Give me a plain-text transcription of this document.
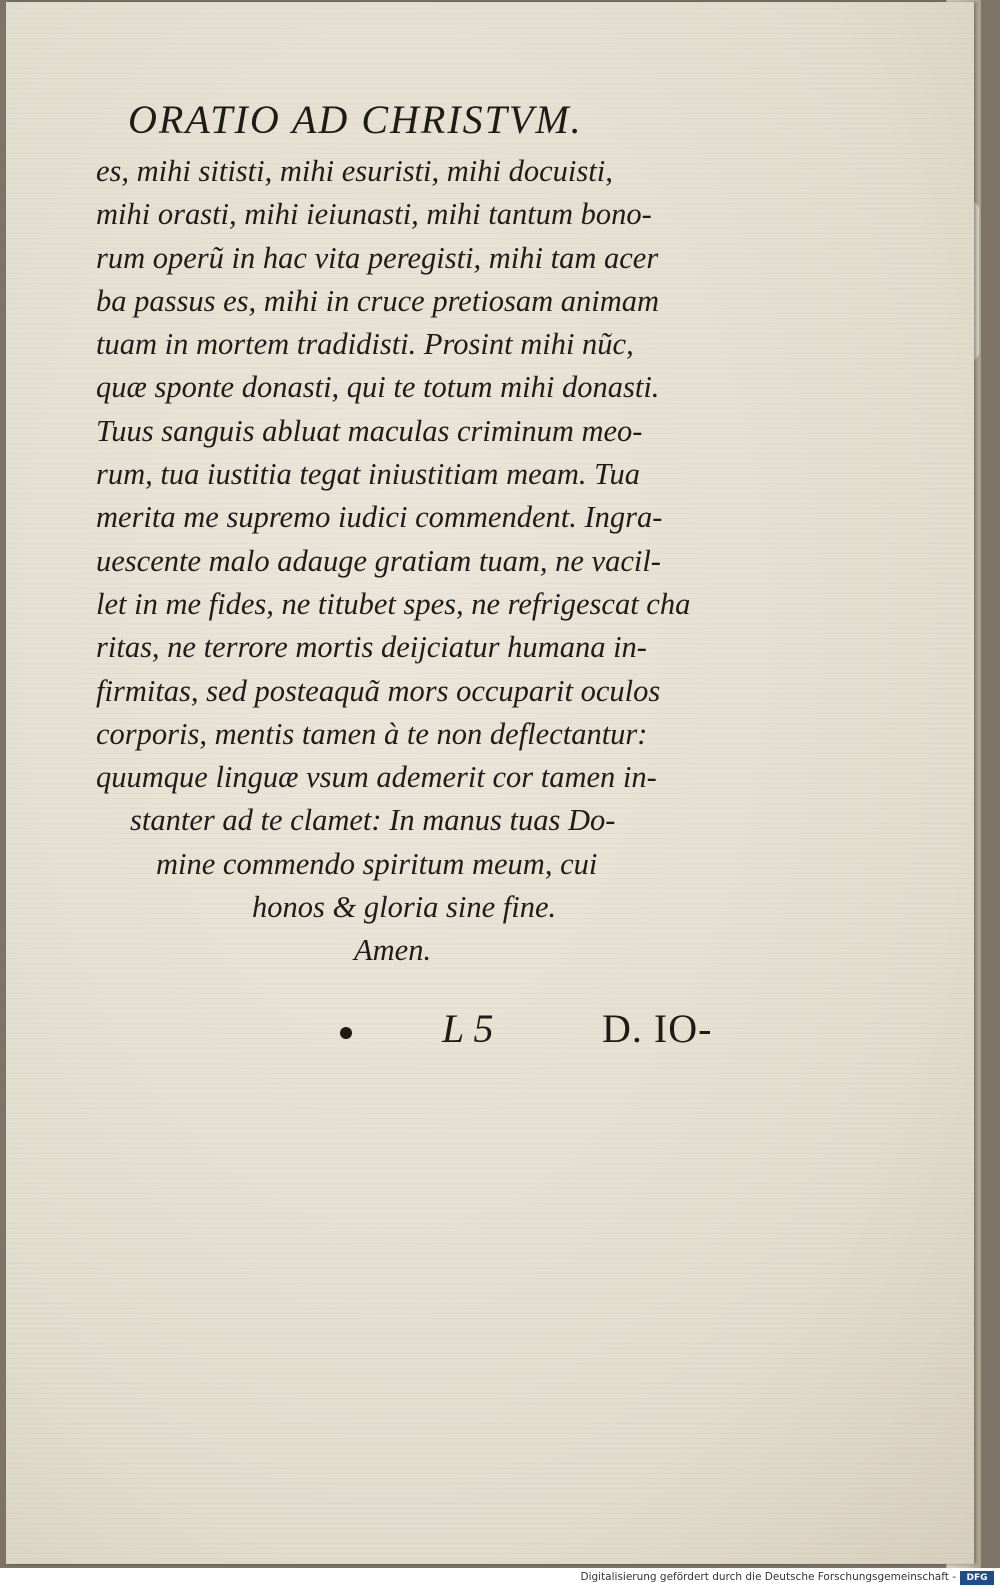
ORATIO AD CHRISTVM.
es, mihi sitisti, mihi esuristi, mihi docuisti,
mihi orasti, mihi ieiunasti, mihi tantum bono-
rum operũ in hac vita peregisti, mihi tam acer
ba passus es, mihi in cruce pretiosam animam
tuam in mortem tradidisti. Prosint mihi nũc,
quæ sponte donasti, qui te totum mihi donasti.
Tuus sanguis abluat maculas criminum meo-
rum, tua iustitia tegat iniustitiam meam. Tua
merita me supremo iudici commendent. Ingra-
uescente malo adauge gratiam tuam, ne vacil-
let in me fides, ne titubet spes, ne refrigescat cha
ritas, ne terrore mortis deijciatur humana in-
firmitas, sed posteaquã mors occuparit oculos
corporis, mentis tamen à te non deflectantur:
quumque linguæ vsum ademerit cor tamen in-
stanter ad te clamet: In manus tuas Do-
mine commendo spiritum meum, cui
honos & gloria sine fine.
Amen.
L 5	D. IO-
Digitalisierung gefördert durch die Deutsche Forschungsgemeinschaft -	DFG
